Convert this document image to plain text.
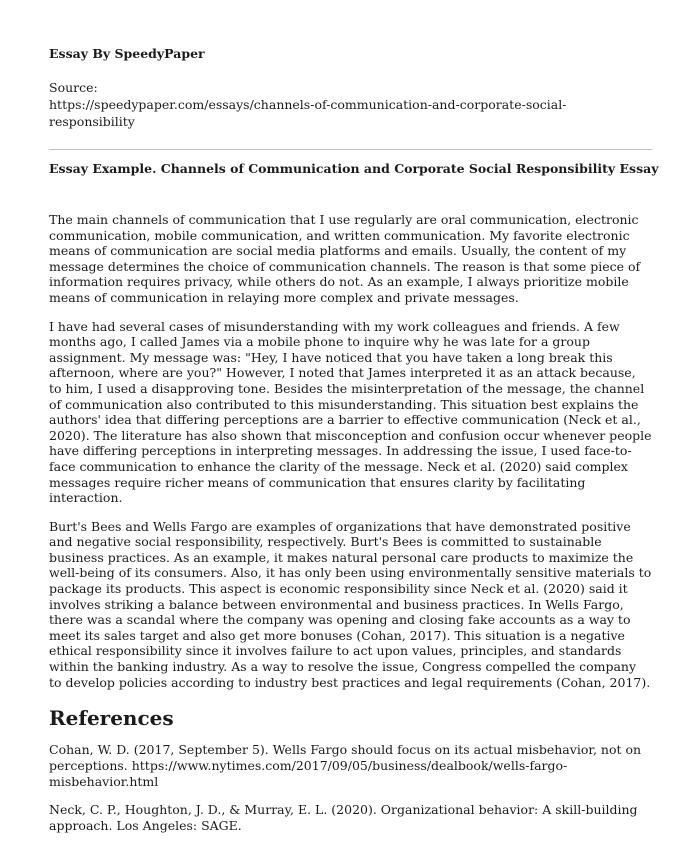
Essay By SpeedyPaper
Source:
https://speedypaper.com/essays/channels-of-communication-and-corporate-social-responsibility
Essay Example. Channels of Communication and Corporate Social Responsibility Essay

The main channels of communication that I use regularly are oral communication, electronic communication, mobile communication, and written communication. My favorite electronic means of communication are social media platforms and emails. Usually, the content of my message determines the choice of communication channels. The reason is that some piece of information requires privacy, while others do not. As an example, I always prioritize mobile means of communication in relaying more complex and private messages.

I have had several cases of misunderstanding with my work colleagues and friends. A few months ago, I called James via a mobile phone to inquire why he was late for a group assignment. My message was: "Hey, I have noticed that you have taken a long break this afternoon, where are you?" However, I noted that James interpreted it as an attack because, to him, I used a disapproving tone. Besides the misinterpretation of the message, the channel of communication also contributed to this misunderstanding. This situation best explains the authors' idea that differing perceptions are a barrier to effective communication (Neck et al., 2020). The literature has also shown that misconception and confusion occur whenever people have differing perceptions in interpreting messages. In addressing the issue, I used face-to-face communication to enhance the clarity of the message. Neck et al. (2020) said complex messages require richer means of communication that ensures clarity by facilitating interaction.

Burt's Bees and Wells Fargo are examples of organizations that have demonstrated positive and negative social responsibility, respectively. Burt's Bees is committed to sustainable business practices. As an example, it makes natural personal care products to maximize the well-being of its consumers. Also, it has only been using environmentally sensitive materials to package its products. This aspect is economic responsibility since Neck et al. (2020) said it involves striking a balance between environmental and business practices. In Wells Fargo, there was a scandal where the company was opening and closing fake accounts as a way to meet its sales target and also get more bonuses (Cohan, 2017). This situation is a negative ethical responsibility since it involves failure to act upon values, principles, and standards within the banking industry. As a way to resolve the issue, Congress compelled the company to develop policies according to industry best practices and legal requirements (Cohan, 2017).

References

Cohan, W. D. (2017, September 5). Wells Fargo should focus on its actual misbehavior, not on perceptions. https://www.nytimes.com/2017/09/05/business/dealbook/wells-fargo-misbehavior.html

Neck, C. P., Houghton, J. D., & Murray, E. L. (2020). Organizational behavior: A skill-building approach. Los Angeles: SAGE.
